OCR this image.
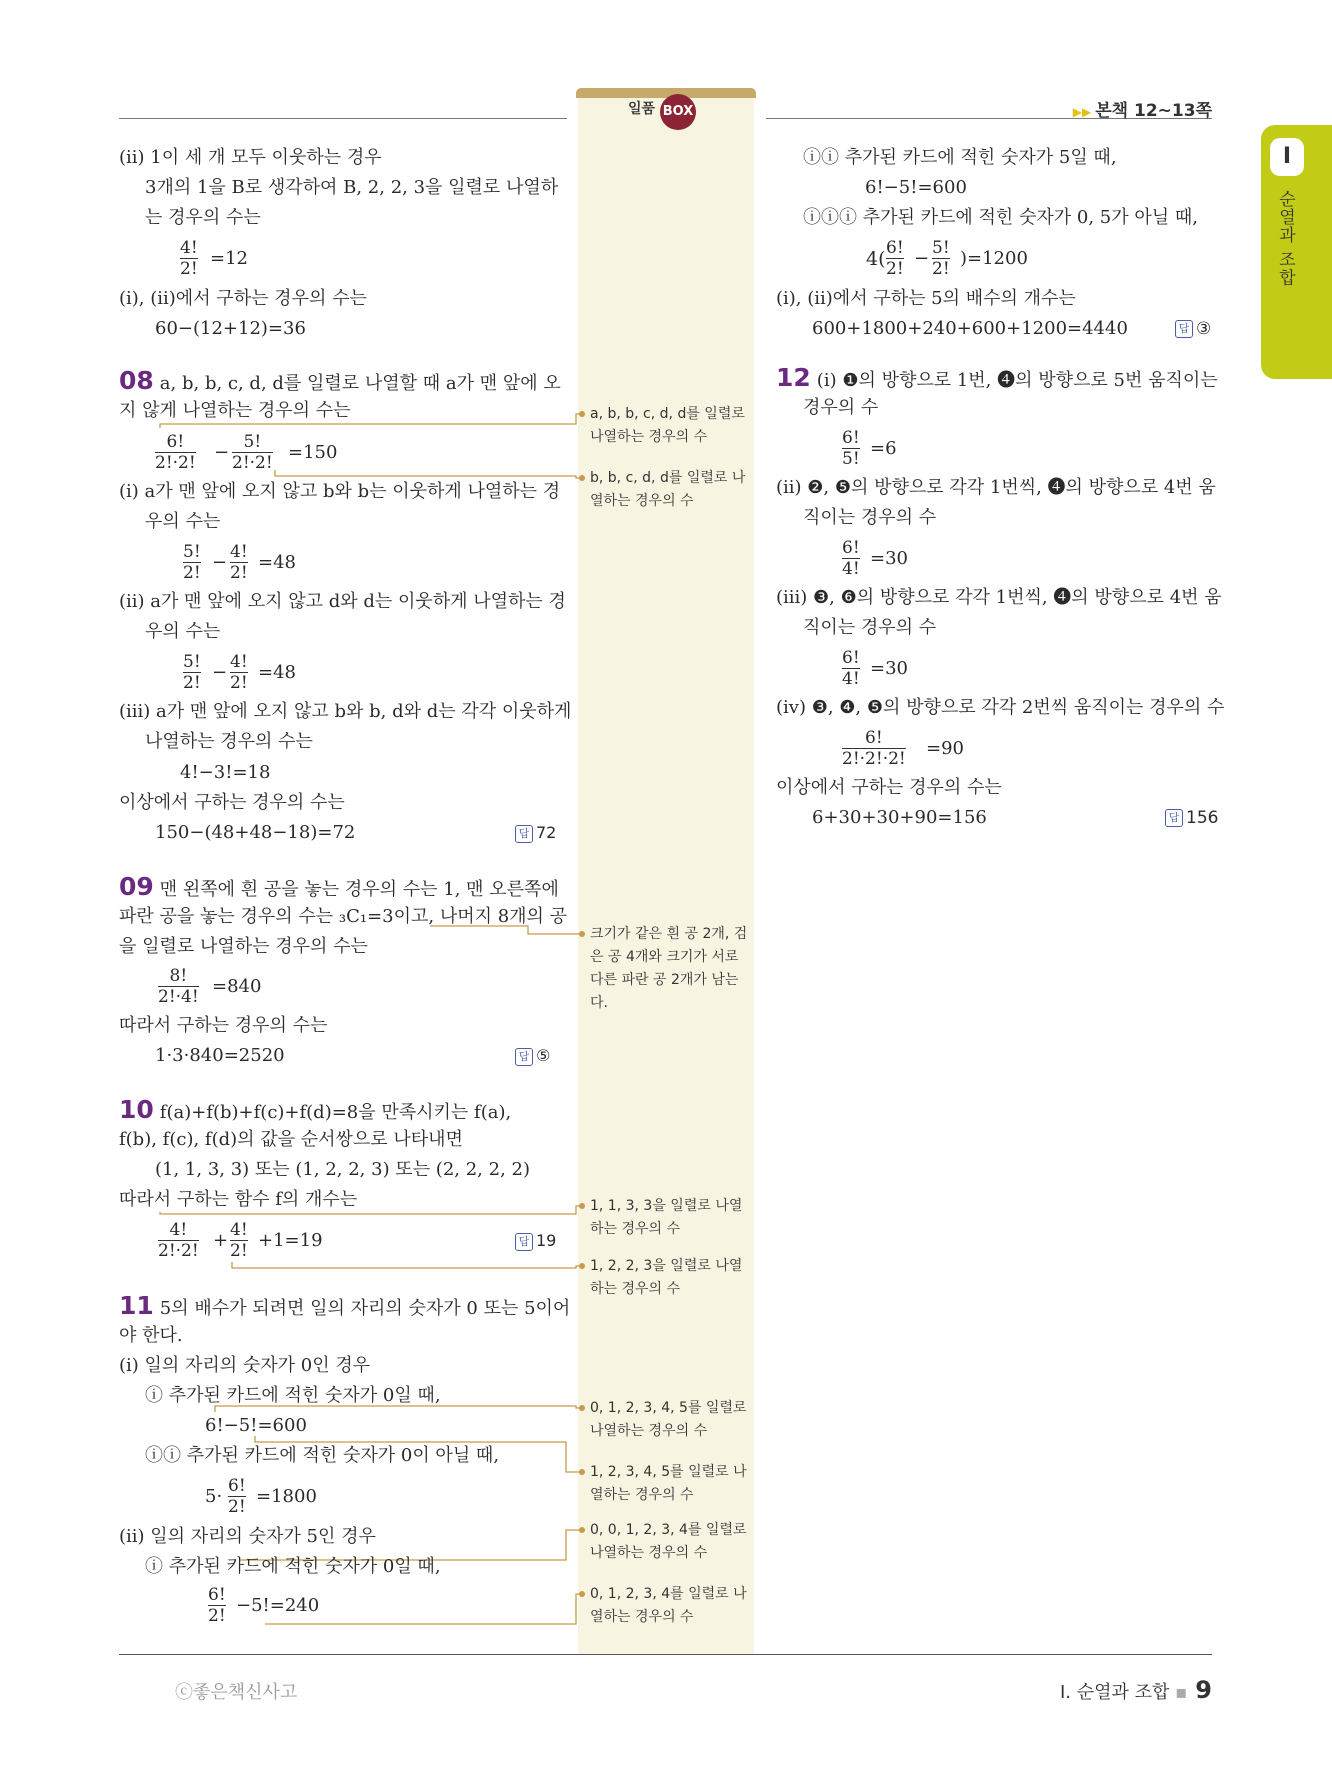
일품 BOX	▶▶ 본책 12~13쪽
I
순열과 조합
(ⅱ) 1이 세 개 모두 이웃하는 경우
3개의 1을 B로 생각하여 B, 2, 2, 3을 일렬로 나열하
는 경우의 수는
$\frac{4!}{2!} =12$
(ⅰ), (ⅱ)에서 구하는 경우의 수는
60−(12+12)=36
08 a, b, b, c, d, d를 일렬로 나열할 때 a가 맨 앞에 오
지 않게 나열하는 경우의 수는
$\frac{6!}{2!\cdot 2!} - \frac{5!}{2!\cdot 2!} =150$
(ⅰ) a가 맨 앞에 오지 않고 b와 b는 이웃하게 나열하는 경
우의 수는
$\frac{5!}{2!} - \frac{4!}{2!} =48$
(ⅱ) a가 맨 앞에 오지 않고 d와 d는 이웃하게 나열하는 경
우의 수는
$\frac{5!}{2!} - \frac{4!}{2!} =48$
(ⅲ) a가 맨 앞에 오지 않고 b와 b, d와 d는 각각 이웃하게
나열하는 경우의 수는
4!−3!=18
이상에서 구하는 경우의 수는
150−(48+48−18)=72	답 72
09 맨 왼쪽에 흰 공을 놓는 경우의 수는 1, 맨 오른쪽에
파란 공을 놓는 경우의 수는 ₃C₁=3이고, 나머지 8개의 공
을 일렬로 나열하는 경우의 수는
$\frac{8!}{2!\cdot 4!} =840$
따라서 구하는 경우의 수는
1·3·840=2520	답 ⑤
10 f(a)+f(b)+f(c)+f(d)=8을 만족시키는 f(a),
f(b), f(c), f(d)의 값을 순서쌍으로 나타내면
(1, 1, 3, 3) 또는 (1, 2, 2, 3) 또는 (2, 2, 2, 2)
따라서 구하는 함수 f의 개수는
$\frac{4!}{2!\cdot 2!} + \frac{4!}{2!} +1=19$	답 19
11 5의 배수가 되려면 일의 자리의 숫자가 0 또는 5이어
야 한다.
(ⅰ) 일의 자리의 숫자가 0인 경우
ⓘ 추가된 카드에 적힌 숫자가 0일 때,
6!−5!=600
ⓘⓘ 추가된 카드에 적힌 숫자가 0이 아닐 때,
$5\cdot \frac{6!}{2!} =1800$
(ⅱ) 일의 자리의 숫자가 5인 경우
ⓘ 추가된 카드에 적힌 숫자가 0일 때,
$\frac{6!}{2!} -5!=240$
a, b, b, c, d, d를 일렬로 나열하는 경우의 수
b, b, c, d, d를 일렬로 나열하는 경우의 수
크기가 같은 흰 공 2개, 검은 공 4개와 크기가 서로 다른 파란 공 2개가 남는다.
1, 1, 3, 3을 일렬로 나열하는 경우의 수
1, 2, 2, 3을 일렬로 나열하는 경우의 수
0, 1, 2, 3, 4, 5를 일렬로 나열하는 경우의 수
1, 2, 3, 4, 5를 일렬로 나열하는 경우의 수
0, 0, 1, 2, 3, 4를 일렬로 나열하는 경우의 수
0, 1, 2, 3, 4를 일렬로 나열하는 경우의 수
ⓘⓘ 추가된 카드에 적힌 숫자가 5일 때,
6!−5!=600
ⓘⓘⓘ 추가된 카드에 적힌 숫자가 0, 5가 아닐 때,
$4( \frac{6!}{2!} - \frac{5!}{2!} )=1200$
(ⅰ), (ⅱ)에서 구하는 5의 배수의 개수는
600+1800+240+600+1200=4440	답 ③
12 (ⅰ) ❶의 방향으로 1번, ❹의 방향으로 5번 움직이는
경우의 수
$\frac{6!}{5!} =6$
(ⅱ) ❷, ❺의 방향으로 각각 1번씩, ❹의 방향으로 4번 움
직이는 경우의 수
$\frac{6!}{4!} =30$
(ⅲ) ❸, ❻의 방향으로 각각 1번씩, ❹의 방향으로 4번 움
직이는 경우의 수
$\frac{6!}{4!} =30$
(ⅳ) ❸, ❹, ❺의 방향으로 각각 2번씩 움직이는 경우의 수
$\frac{6!}{2!\cdot 2!\cdot 2!} =90$
이상에서 구하는 경우의 수는
6+30+30+90=156	답 156
ⓒ좋은책신사고	Ⅰ. 순열과 조합 ▪ 9
